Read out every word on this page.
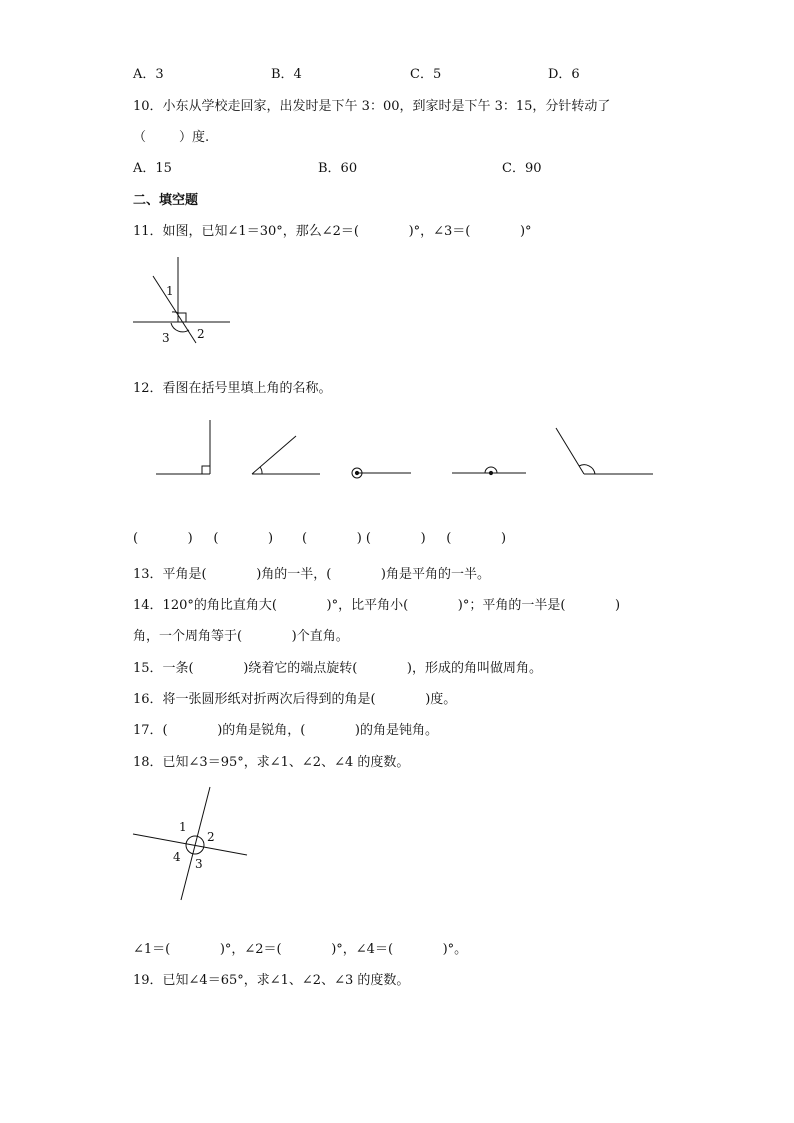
A．3	B．4	C．5	D．6
10．小东从学校走回家，出发时是下午 3：00，到家时是下午 3：15，分针转动了
（        ）度.
A．15	B．60	C．90
二、填空题
11．如图，已知∠1＝30°，那么∠2＝(            )°，∠3＝(            )°
1
2
3
12．看图在括号里填上角的名称。
(            )     (            )       (            ) (            )     (            )
13．平角是(            )角的一半，(            )角是平角的一半。
14．120°的角比直角大(            )°，比平角小(            )°；平角的一半是(            )
角，一个周角等于(            )个直角。
15．一条(            )绕着它的端点旋转(            )，形成的角叫做周角。
16．将一张圆形纸对折两次后得到的角是(            )度。
17．(            )的角是锐角，(            )的角是钝角。
18．已知∠3＝95°，求∠1、∠2、∠4 的度数。
1
2
3
4
∠1＝(            )°，∠2＝(            )°，∠4＝(            )°。
19．已知∠4＝65°，求∠1、∠2、∠3 的度数。
